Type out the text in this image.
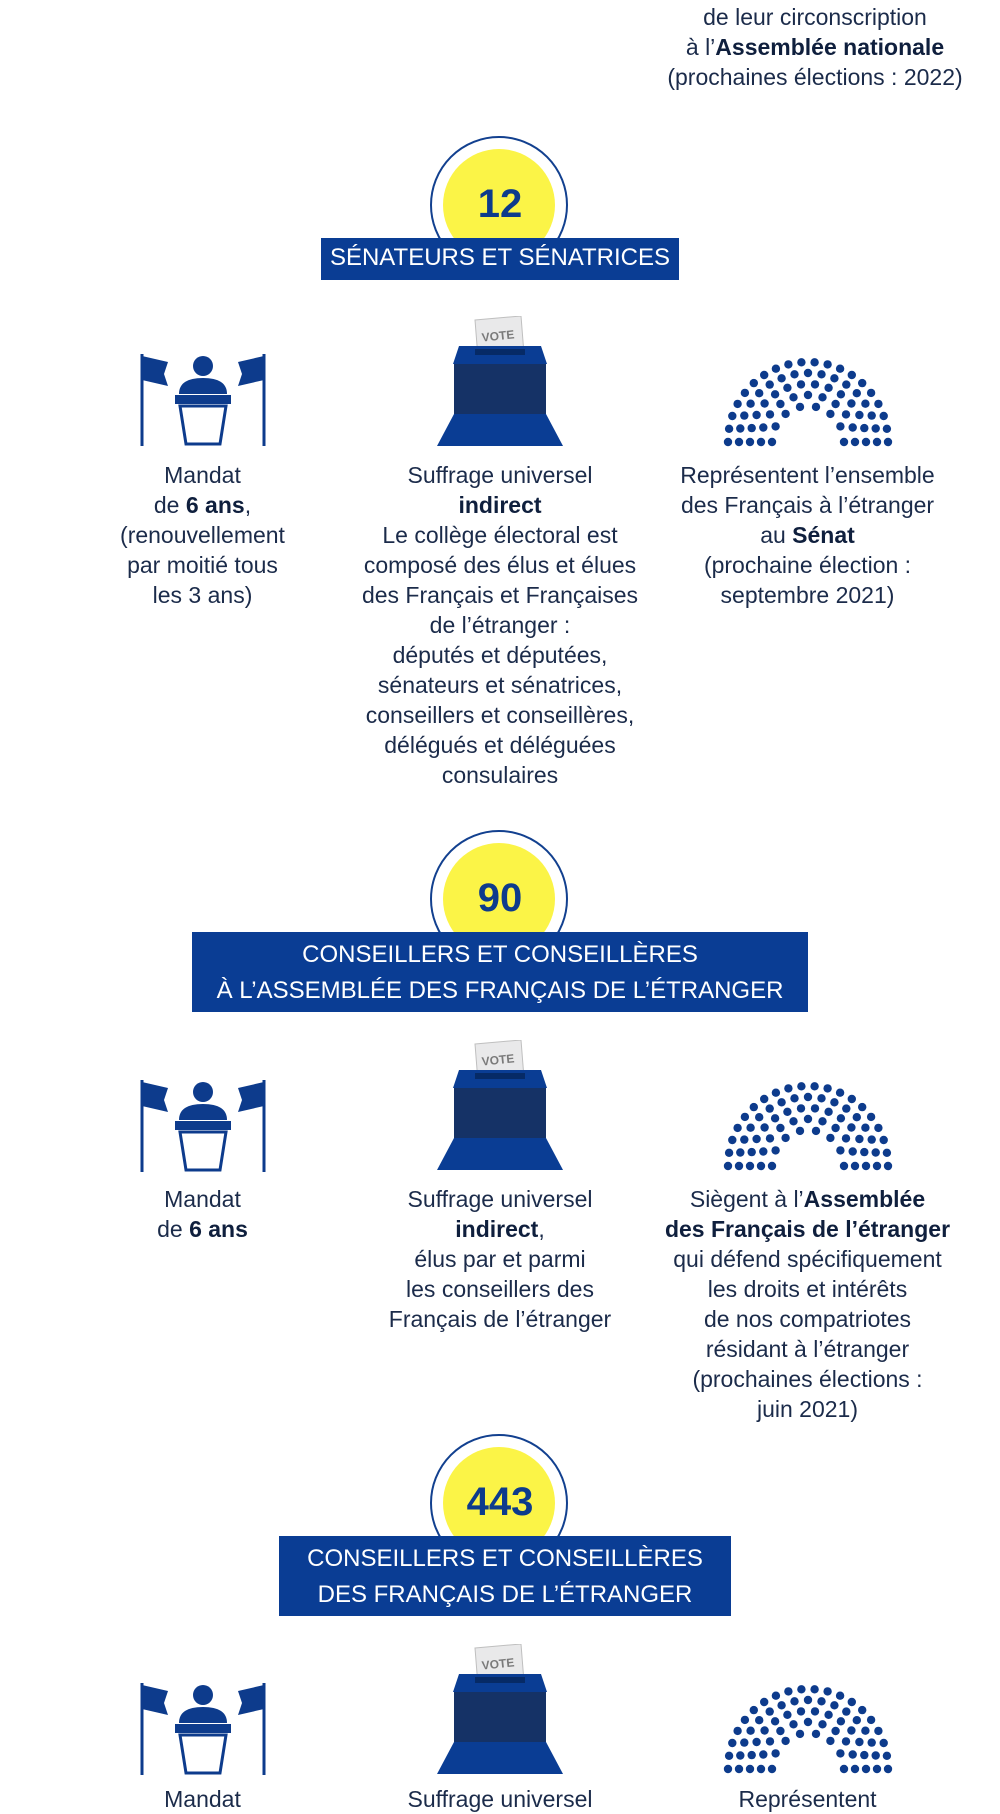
de leur circonscription
à l’Assemblée nationale
(prochaines élections : 2022)
12
SÉNATEURS ET SÉNATRICES
VOTE
Mandat
de 6 ans,
(renouvellement
par moitié tous
les 3 ans)
Suffrage universel
indirect
Le collège électoral est
composé des élus et élues
des Français et Françaises
de l’étranger :
députés et députées,
sénateurs et sénatrices,
conseillers et conseillères,
délégués et déléguées
consulaires
Représentent l’ensemble
des Français à l’étranger
au Sénat
(prochaine élection :
septembre 2021)
90
CONSEILLERS ET CONSEILLÈRES
À L’ASSEMBLÉE DES FRANÇAIS DE L’ÉTRANGER
VOTE
Mandat
de 6 ans
Suffrage universel
indirect,
élus par et parmi
les conseillers des
Français de l’étranger
Siègent à l’Assemblée
des Français de l’étranger
qui défend spécifiquement
les droits et intérêts
de nos compatriotes
résidant à l’étranger
(prochaines élections :
juin 2021)
443
CONSEILLERS ET CONSEILLÈRES
DES FRANÇAIS DE L’ÉTRANGER
VOTE
Mandat	Suffrage universel	Représentent
